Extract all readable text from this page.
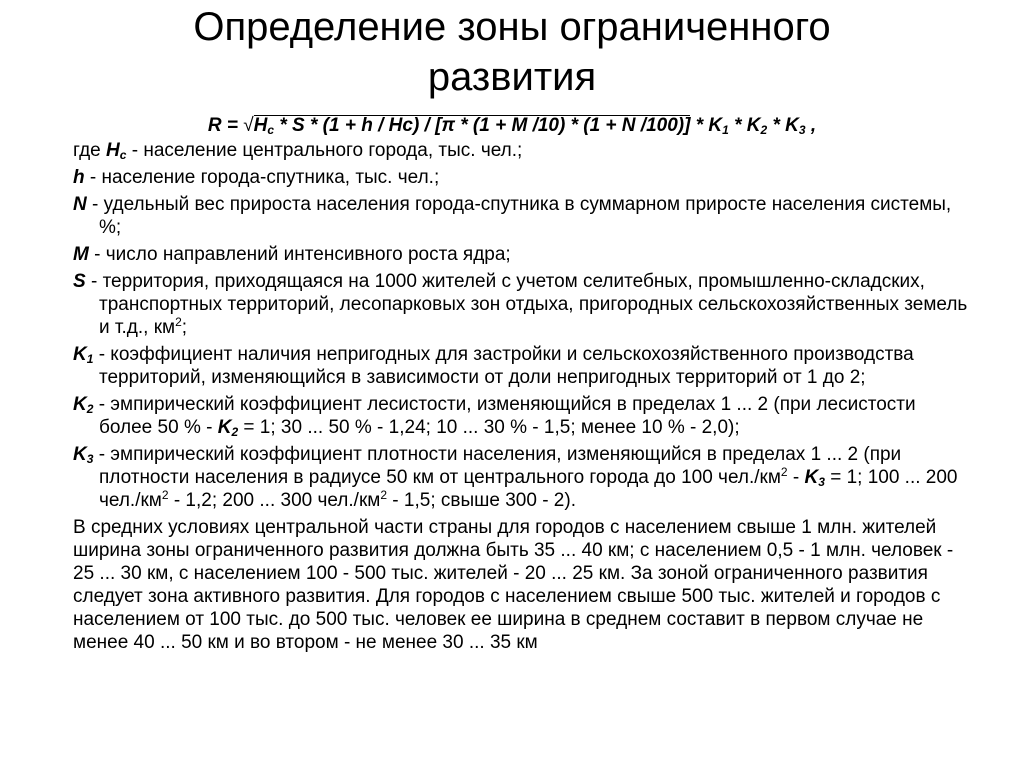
Определение зоны ограниченного
развития
$R = √H_с * S * (1 + h / Hc) / [\pi * (1 + M$ /10) * (1 + N $/100)] * K_1 * K_2 * K_3$ ,
где $H_с$ - население центрального города, тыс. чел.;
h - население города-спутника, тыс. чел.;
N - удельный вес прироста населения города-спутника в суммарном приросте населения системы, %;
M - число направлений интенсивного роста ядра;
S - территория, приходящаяся на 1000 жителей с учетом селитебных, промышленно-складских, транспортных территорий, лесопарковых зон отдыха, пригородных сельскохозяйственных земель и т.д., $км^2$;
$K_1$ - коэффициент наличия непригодных для застройки и сельскохозяйственного производства территорий, изменяющийся в зависимости от доли непригодных территорий от 1 до 2;
$K_2$ - эмпирический коэффициент лесистости, изменяющийся в пределах 1 ... 2 (при лесистости более 50 % - $K_2 = 1$; 30 ... 50 % - 1,24; 10 ... 30 % - 1,5; менее 10 % - 2,0);
$K_3$ - эмпирический коэффициент плотности населения, изменяющийся в пределах 1 ... 2 (при плотности населения в радиусе 50 км от центрального города до 100 $чел./км^2 - K_3 = 1$; 100 ... 200 $чел./км^2 - 1,2$; 200 ... 300 $чел./км^2 - 1,5$; свыше 300 - 2).
В средних условиях центральной части страны для городов с населением свыше 1 млн. жителей ширина зоны ограниченного развития должна быть 35 ... 40 км; с населением 0,5 - 1 млн. человек - 25 ... 30 км, с населением 100 - 500 тыс. жителей - 20 ... 25 км. За зоной ограниченного развития следует зона активного развития. Для городов с населением свыше 500 тыс. жителей и городов с населением от 100 тыс. до 500 тыс. человек ее ширина в среднем составит в первом случае не менее 40 ... 50 км и во втором - не менее 30 ... 35 км
